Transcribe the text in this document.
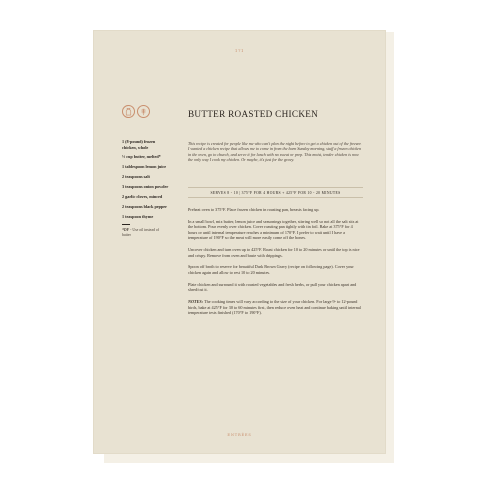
171
BUTTER ROASTED CHICKEN
1 (8-pound) frozen chicken, whole
½ cup butter, melted*
1 tablespoon lemon juice
2 teaspoons salt
3 teaspoons onion powder
2 garlic cloves, minced
2 teaspoons black pepper
1 teaspoon thyme
*DF - Use oil instead of butter
This recipe is created for people like me who can't plan the night before to get a chicken out of the freezer. I wanted a chicken recipe that allows me to come in from the barn Sunday morning, stuff a frozen chicken in the oven, go to church, and serve it for lunch with no sweat or prep. This moist, tender chicken is now the only way I cook my chicken. Or maybe, it's just for the gravy.
SERVES 8 - 10 | 375°F FOR 4 HOURS + 425°F FOR 10 - 20 MINUTES
Preheat oven to 375°F. Place frozen chicken in roasting pan, breasts facing up.
In a small bowl, mix butter, lemon juice and seasonings together, stirring well so not all the salt sits at the bottom. Pour evenly over chicken. Cover roasting pan tightly with tin foil. Bake at 375°F for 4 hours or until internal temperature reaches a minimum of 170°F. I prefer to wait until I have a temperature of 190°F so the meat will more easily come off the bones.
Uncover chicken and turn oven up to 425°F. Roast chicken for 10 to 20 minutes or until the top is nice and crispy. Remove from oven and baste with drippings.
Spoon off broth to reserve for beautiful Dark Brown Gravy (recipe on following page). Cover your chicken again and allow to rest 10 to 20 minutes.
Plate chicken and surround it with roasted vegetables and fresh herbs, or pull your chicken apart and shred/cut it.
NOTES: The cooking times will vary according to the size of your chicken. For large 9- to 12-pound birds, bake at 425°F for 30 to 60 minutes first, then reduce oven heat and continue baking until internal temperature tests finished (170°F to 190°F).
ENTRÉES
